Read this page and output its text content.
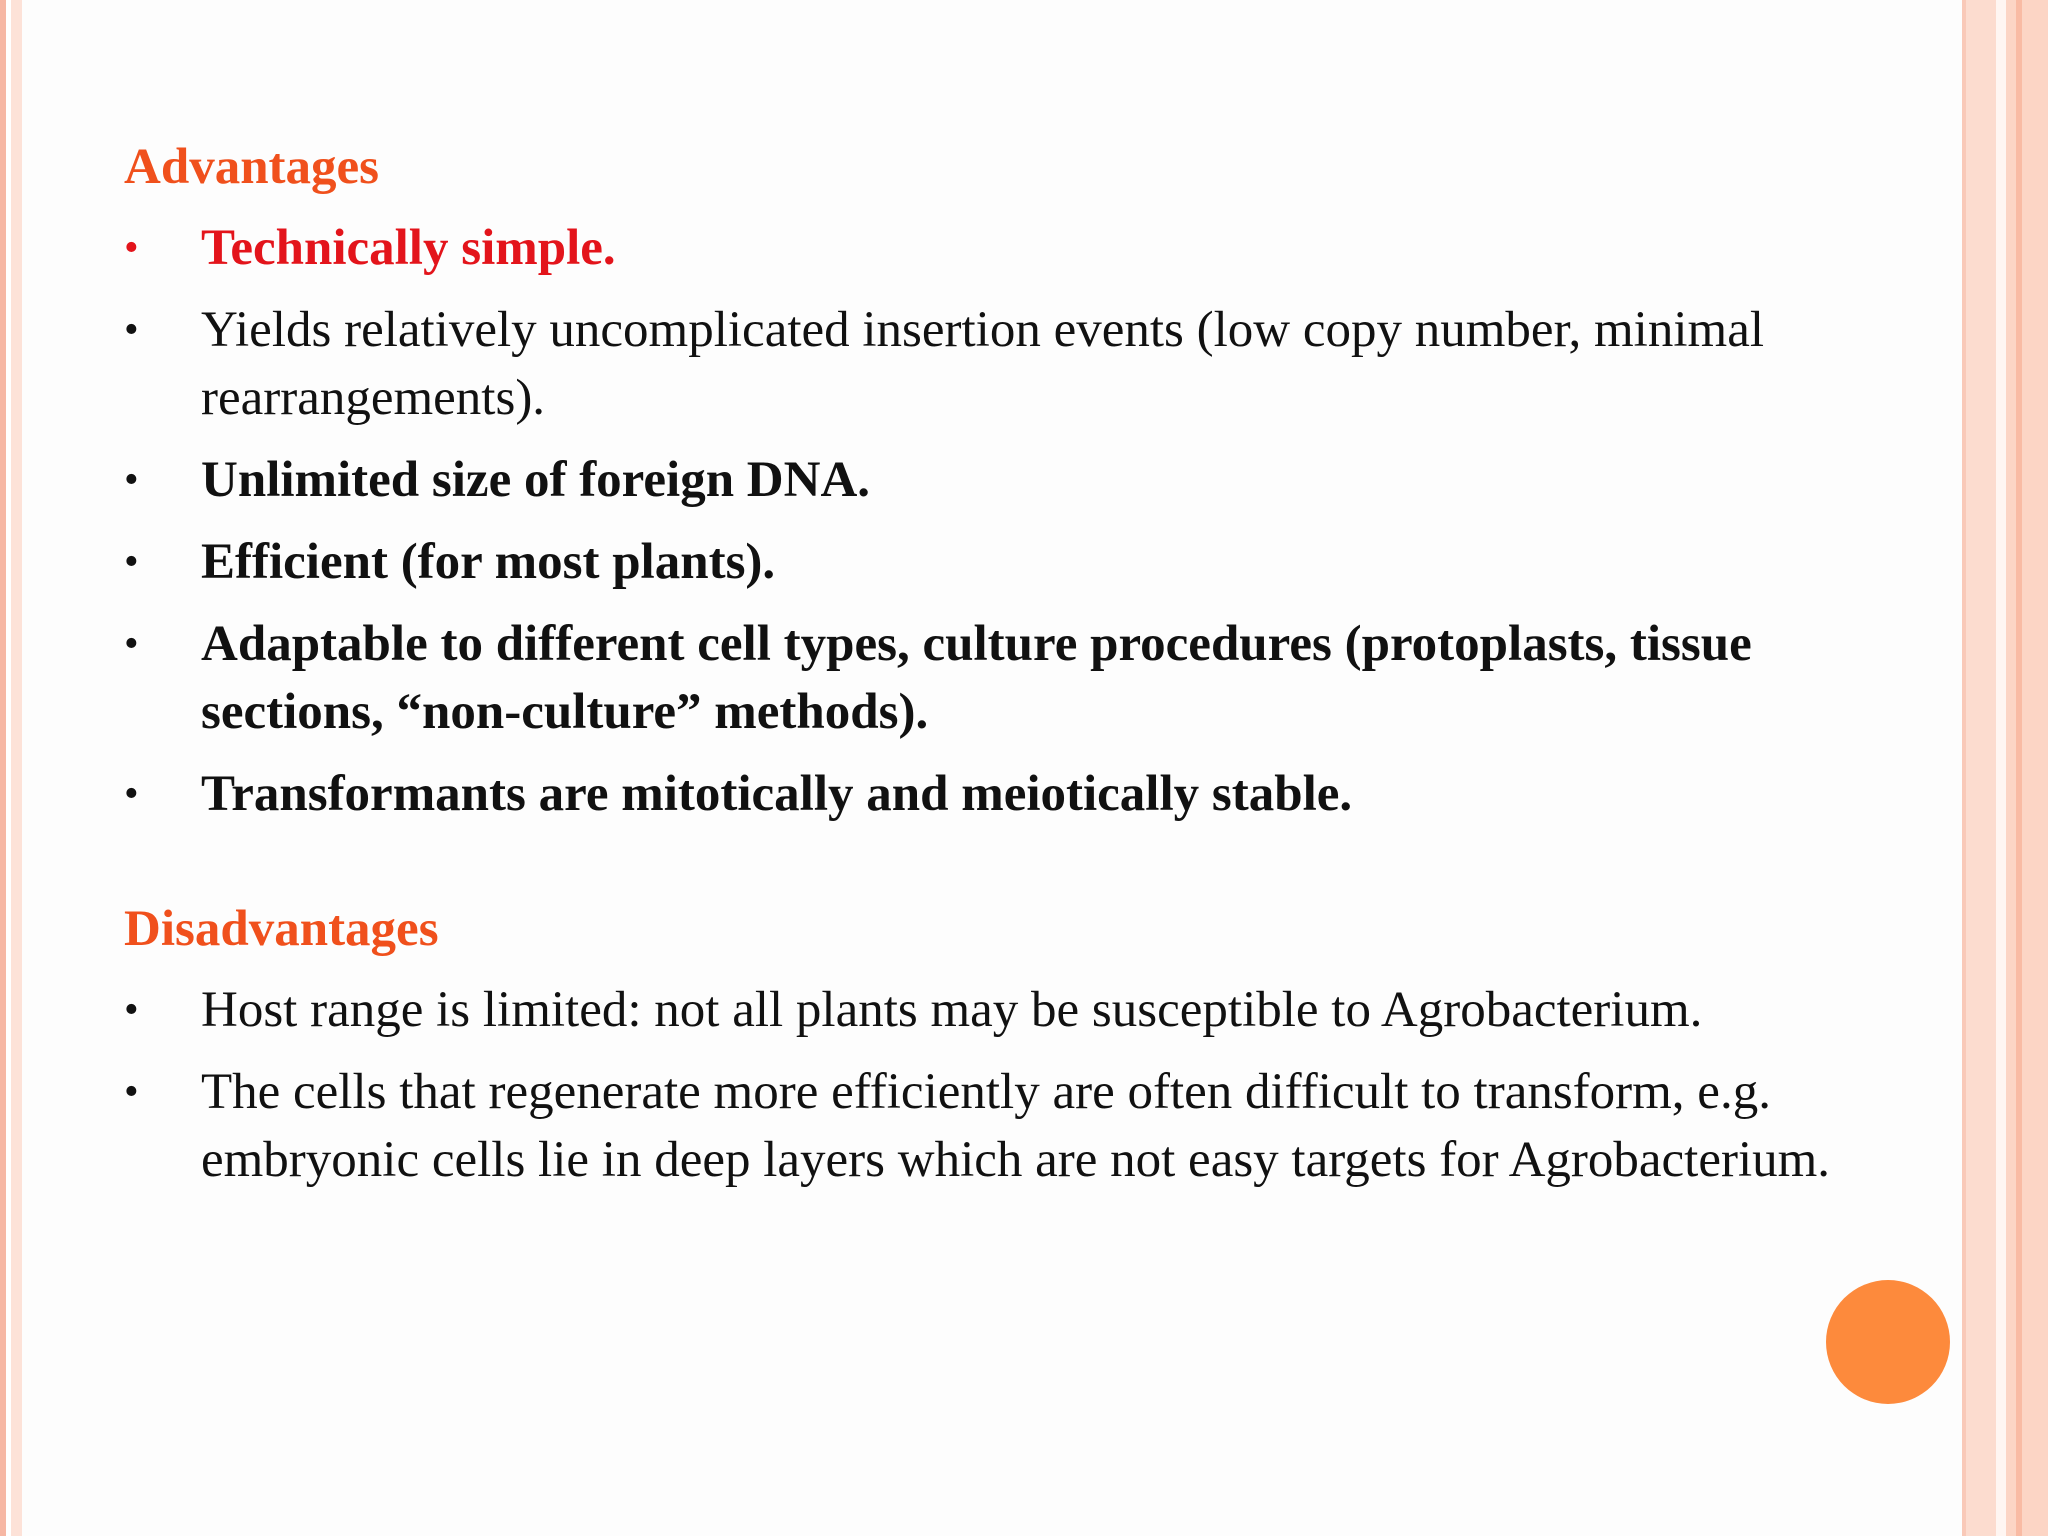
Advantages
• Technically simple.
• Yields relatively uncomplicated insertion events (low copy number, minimal rearrangements).
• Unlimited size of foreign DNA.
• Efficient (for most plants).
• Adaptable to different cell types, culture procedures (protoplasts, tissue sections, “non-culture” methods).
• Transformants are mitotically and meiotically stable.
Disadvantages
• Host range is limited: not all plants may be susceptible to Agrobacterium.
• The cells that regenerate more efficiently are often difficult to transform, e.g. embryonic cells lie in deep layers which are not easy targets for Agrobacterium.
